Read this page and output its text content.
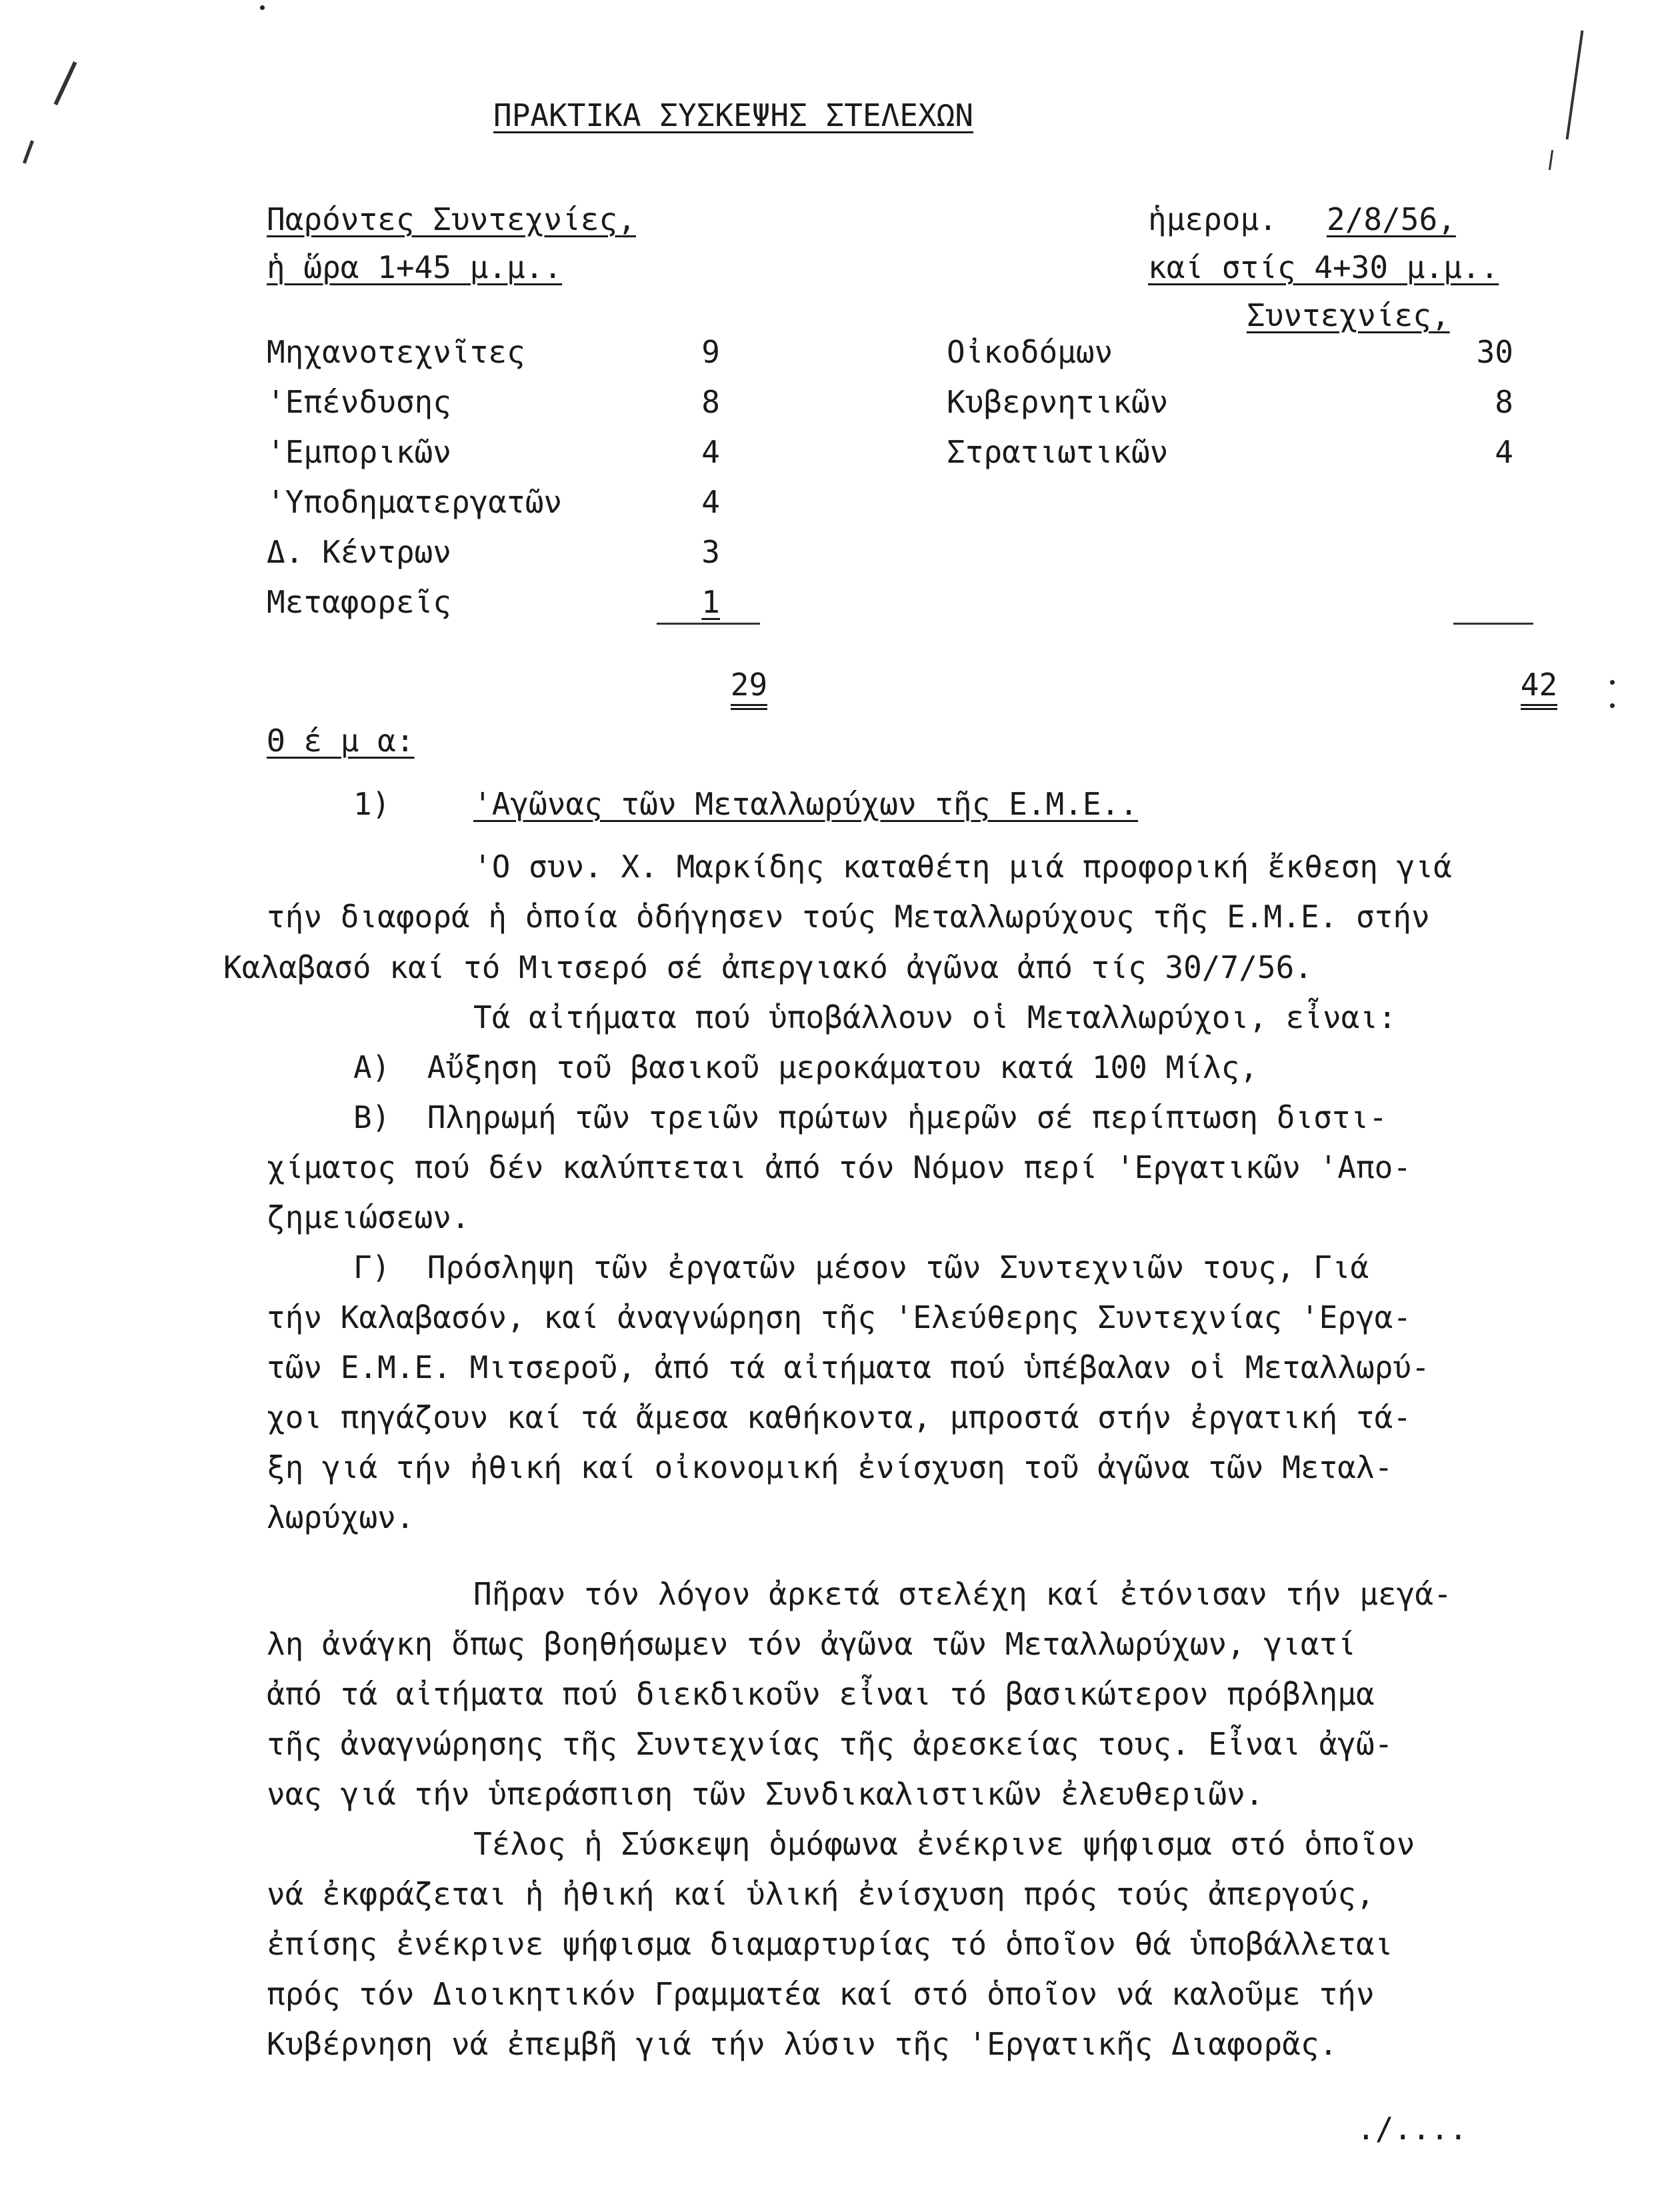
ΠΡΑΚΤΙΚΑ ΣΥΣΚΕΨΗΣ ΣΤΕΛΕΧΩΝ
Παρόντες Συντεχνίες,
ἡ ὥρα 1+45 μ.μ..
ἡμερομ. 2/8/56,
καί στίς 4+30 μ.μ..
Συντεχνίες,
Μηχανοτεχνῖτες	9
'Επένδυσης	8
'Εμπορικῶν	4
'Υποδηματεργατῶν	4
Δ. Κέντρων	3
Μεταφορεῖς	1

29

Οἰκοδόμων	30
Κυβερνητικῶν	8
Στρατιωτικῶν	4

42

Θ έ μ α:
1)	'Αγῶνας τῶν Μεταλλωρύχων τῆς Ε.Μ.Ε..
'Ο συν. Χ. Μαρκίδης καταθέτη μιά προφορική ἔκθεση γιά
τήν διαφορά ἡ ὁποία ὁδήγησεν τούς Μεταλλωρύχους τῆς Ε.Μ.Ε. στήν
Καλαβασό καί τό Μιτσερό σέ ἀπεργιακό ἀγῶνα ἀπό τίς 30/7/56.
Τά αἰτήματα πού ὑποβάλλουν οἱ Μεταλλωρύχοι, εἶναι:
Α)  Αὔξηση τοῦ βασικοῦ μεροκάματου κατά 100 Μίλς,
Β)  Πληρωμή τῶν τρειῶν πρώτων ἡμερῶν σέ περίπτωση διστι-
χίματος πού δέν καλύπτεται ἀπό τόν Νόμον περί 'Εργατικῶν 'Απο-
ζημειώσεων.
Γ)  Πρόσληψη τῶν ἐργατῶν μέσον τῶν Συντεχνιῶν τους, Γιά
τήν Καλαβασόν, καί ἀναγνώρηση τῆς 'Ελεύθερης Συντεχνίας 'Εργα-
τῶν Ε.Μ.Ε. Μιτσεροῦ, ἀπό τά αἰτήματα πού ὑπέβαλαν οἱ Μεταλλωρύ-
χοι πηγάζουν καί τά ἄμεσα καθήκοντα, μπροστά στήν ἐργατική τά-
ξη γιά τήν ἠθική καί οἰκονομική ἐνίσχυση τοῦ ἀγῶνα τῶν Μεταλ-
λωρύχων.
Πῆραν τόν λόγον ἀρκετά στελέχη καί ἐτόνισαν τήν μεγά-
λη ἀνάγκη ὅπως βοηθήσωμεν τόν ἀγῶνα τῶν Μεταλλωρύχων, γιατί
ἀπό τά αἰτήματα πού διεκδικοῦν εἶναι τό βασικώτερον πρόβλημα
τῆς ἀναγνώρησης τῆς Συντεχνίας τῆς ἀρεσκείας τους. Εἶναι ἀγῶ-
νας γιά τήν ὑπεράσπιση τῶν Συνδικαλιστικῶν ἐλευθεριῶν.
Τέλος ἡ Σύσκεψη ὁμόφωνα ἐνέκρινε ψήφισμα στό ὁποῖον
νά ἐκφράζεται ἡ ἠθική καί ὑλική ἐνίσχυση πρός τούς ἀπεργούς,
ἐπίσης ἐνέκρινε ψήφισμα διαμαρτυρίας τό ὁποῖον θά ὑποβάλλεται
πρός τόν Διοικητικόν Γραμματέα καί στό ὁποῖον νά καλοῦμε τήν
Κυβέρνηση νά ἐπεμβῆ γιά τήν λύσιν τῆς 'Εργατικῆς Διαφορᾶς.
./....
